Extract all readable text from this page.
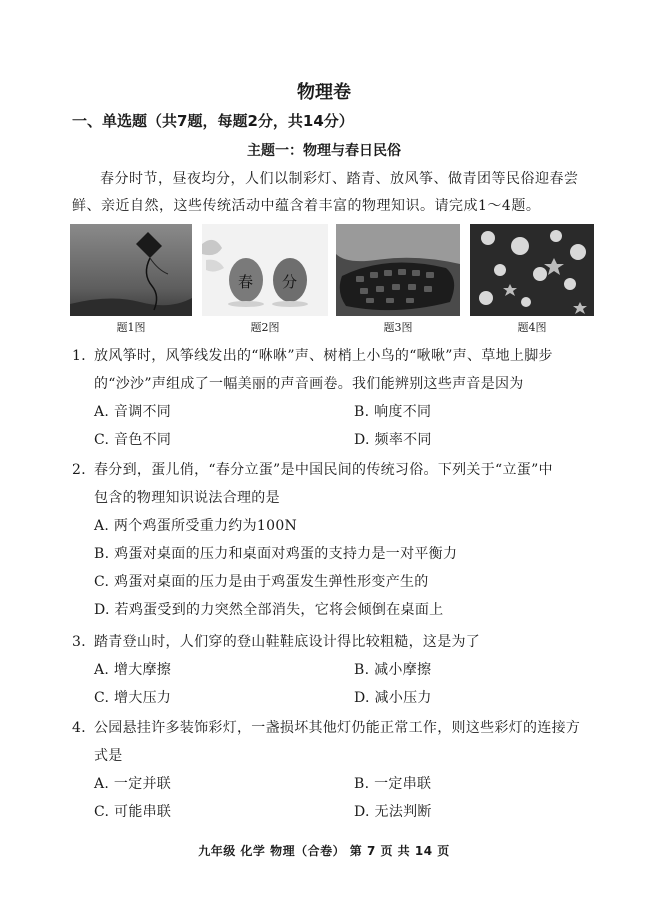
物理卷
一、单选题（共7题，每题2分，共14分）
主题一：物理与春日民俗
春分时节，昼夜均分，人们以制彩灯、踏青、放风筝、做青团等民俗迎春尝鲜、亲近自然，这些传统活动中蕴含着丰富的物理知识。请完成1～4题。
题1图	题2图
春 分
题3图	题4图
1．放风筝时，风筝线发出的“咻咻”声、树梢上小鸟的“啾啾”声、草地上脚步
的“沙沙”声组成了一幅美丽的声音画卷。我们能辨别这些声音是因为
A. 音调不同	B. 响度不同
C. 音色不同	D. 频率不同
2．春分到，蛋儿俏，“春分立蛋”是中国民间的传统习俗。下列关于“立蛋”中
包含的物理知识说法合理的是
A. 两个鸡蛋所受重力约为100N
B. 鸡蛋对桌面的压力和桌面对鸡蛋的支持力是一对平衡力
C. 鸡蛋对桌面的压力是由于鸡蛋发生弹性形变产生的
D. 若鸡蛋受到的力突然全部消失，它将会倾倒在桌面上
3．踏青登山时，人们穿的登山鞋鞋底设计得比较粗糙，这是为了
A. 增大摩擦	B. 减小摩擦
C. 增大压力	D. 减小压力
4．公园悬挂许多装饰彩灯，一盏损坏其他灯仍能正常工作，则这些彩灯的连接方
式是
A. 一定并联	B. 一定串联
C. 可能串联	D. 无法判断
九年级 化学 物理（合卷） 第 7 页 共 14 页
